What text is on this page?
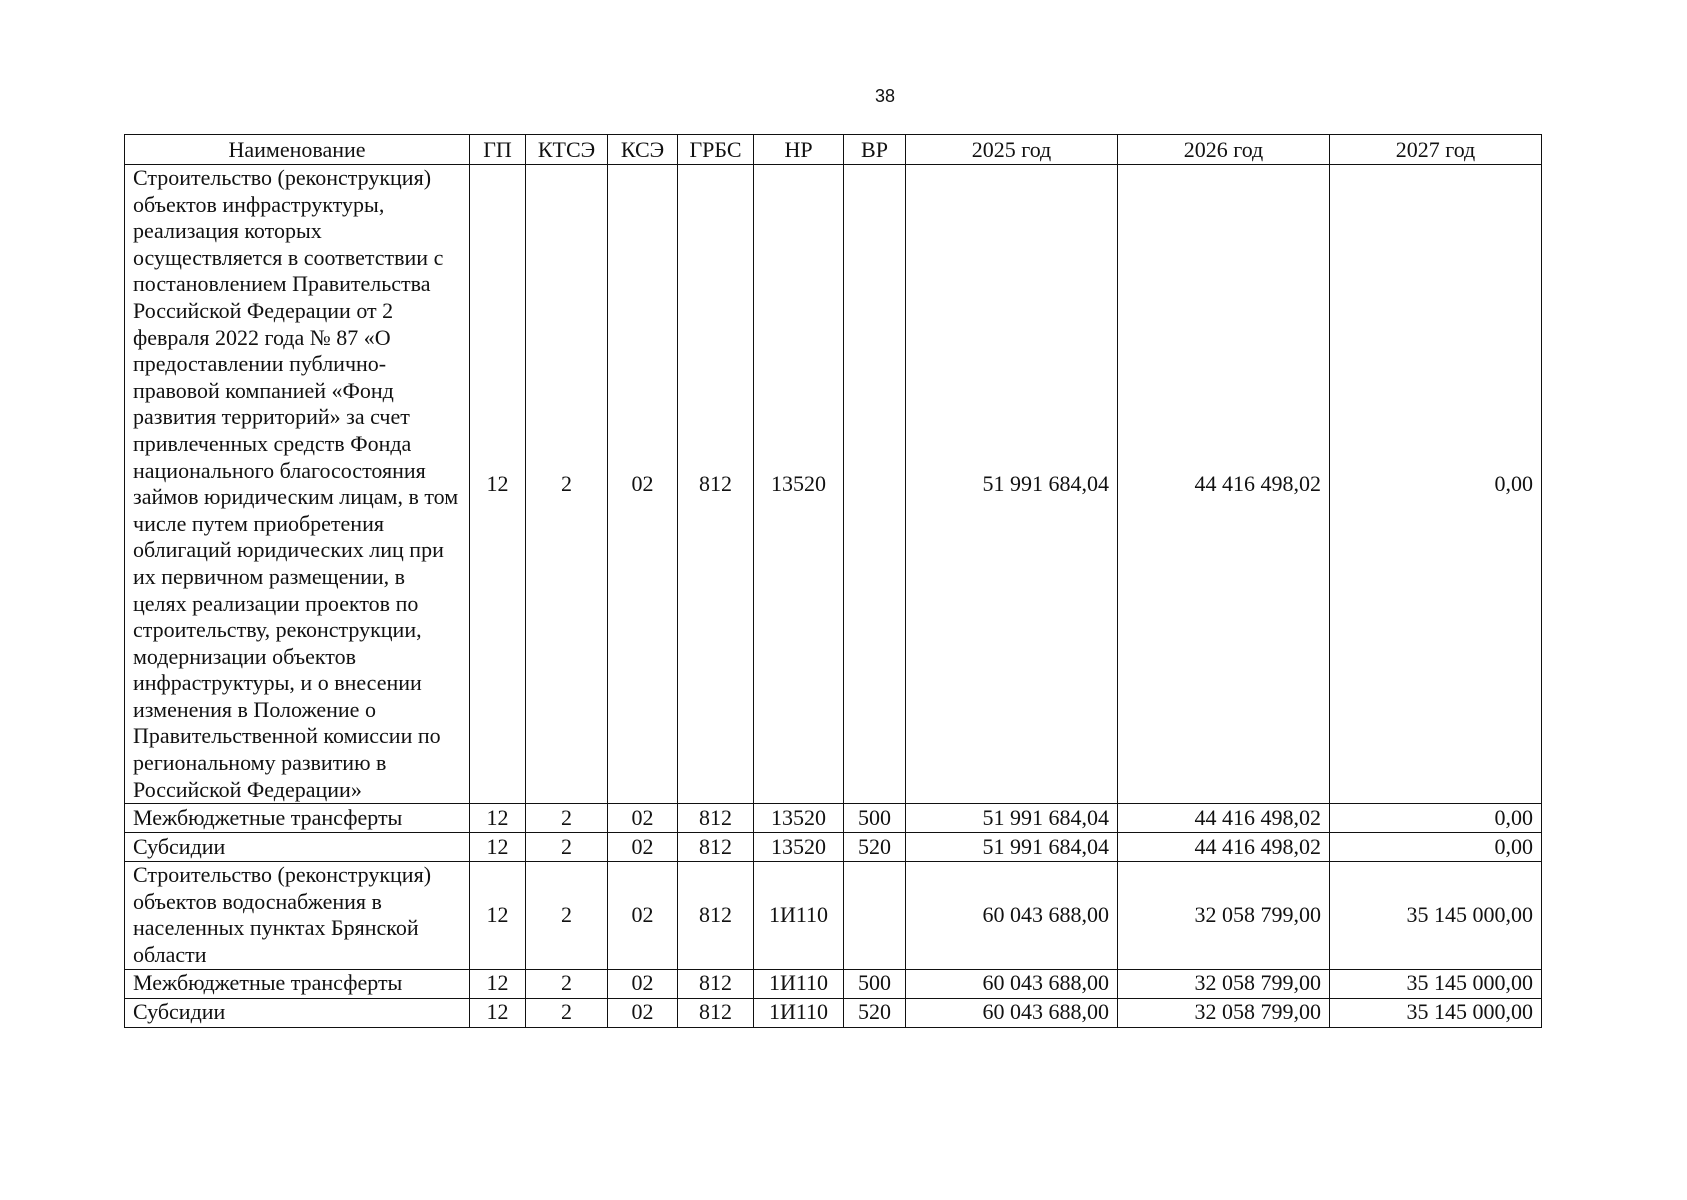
38
Наименование	ГП	КТСЭ	КСЭ	ГРБС	НР	ВР	2025 год	2026 год	2027 год
Строительство (реконструкция) объектов инфраструктуры, реализация которых осуществляется в соответствии с постановлением Правительства Российской Федерации от 2 февраля 2022 года № 87 «О предоставлении публично-правовой компанией «Фонд развития территорий» за счет привлеченных средств Фонда национального благосостояния займов юридическим лицам, в том числе путем приобретения облигаций юридических лиц при их первичном размещении, в целях реализации проектов по строительству, реконструкции, модернизации объектов инфраструктуры, и о внесении изменения в Положение о Правительственной комиссии по региональному развитию в Российской Федерации»	12	2	02	812	13520		51 991 684,04	44 416 498,02	0,00
Межбюджетные трансферты	12	2	02	812	13520	500	51 991 684,04	44 416 498,02	0,00
Субсидии	12	2	02	812	13520	520	51 991 684,04	44 416 498,02	0,00
Строительство (реконструкция) объектов водоснабжения в населенных пунктах Брянской области	12	2	02	812	1И110		60 043 688,00	32 058 799,00	35 145 000,00
Межбюджетные трансферты	12	2	02	812	1И110	500	60 043 688,00	32 058 799,00	35 145 000,00
Субсидии	12	2	02	812	1И110	520	60 043 688,00	32 058 799,00	35 145 000,00
